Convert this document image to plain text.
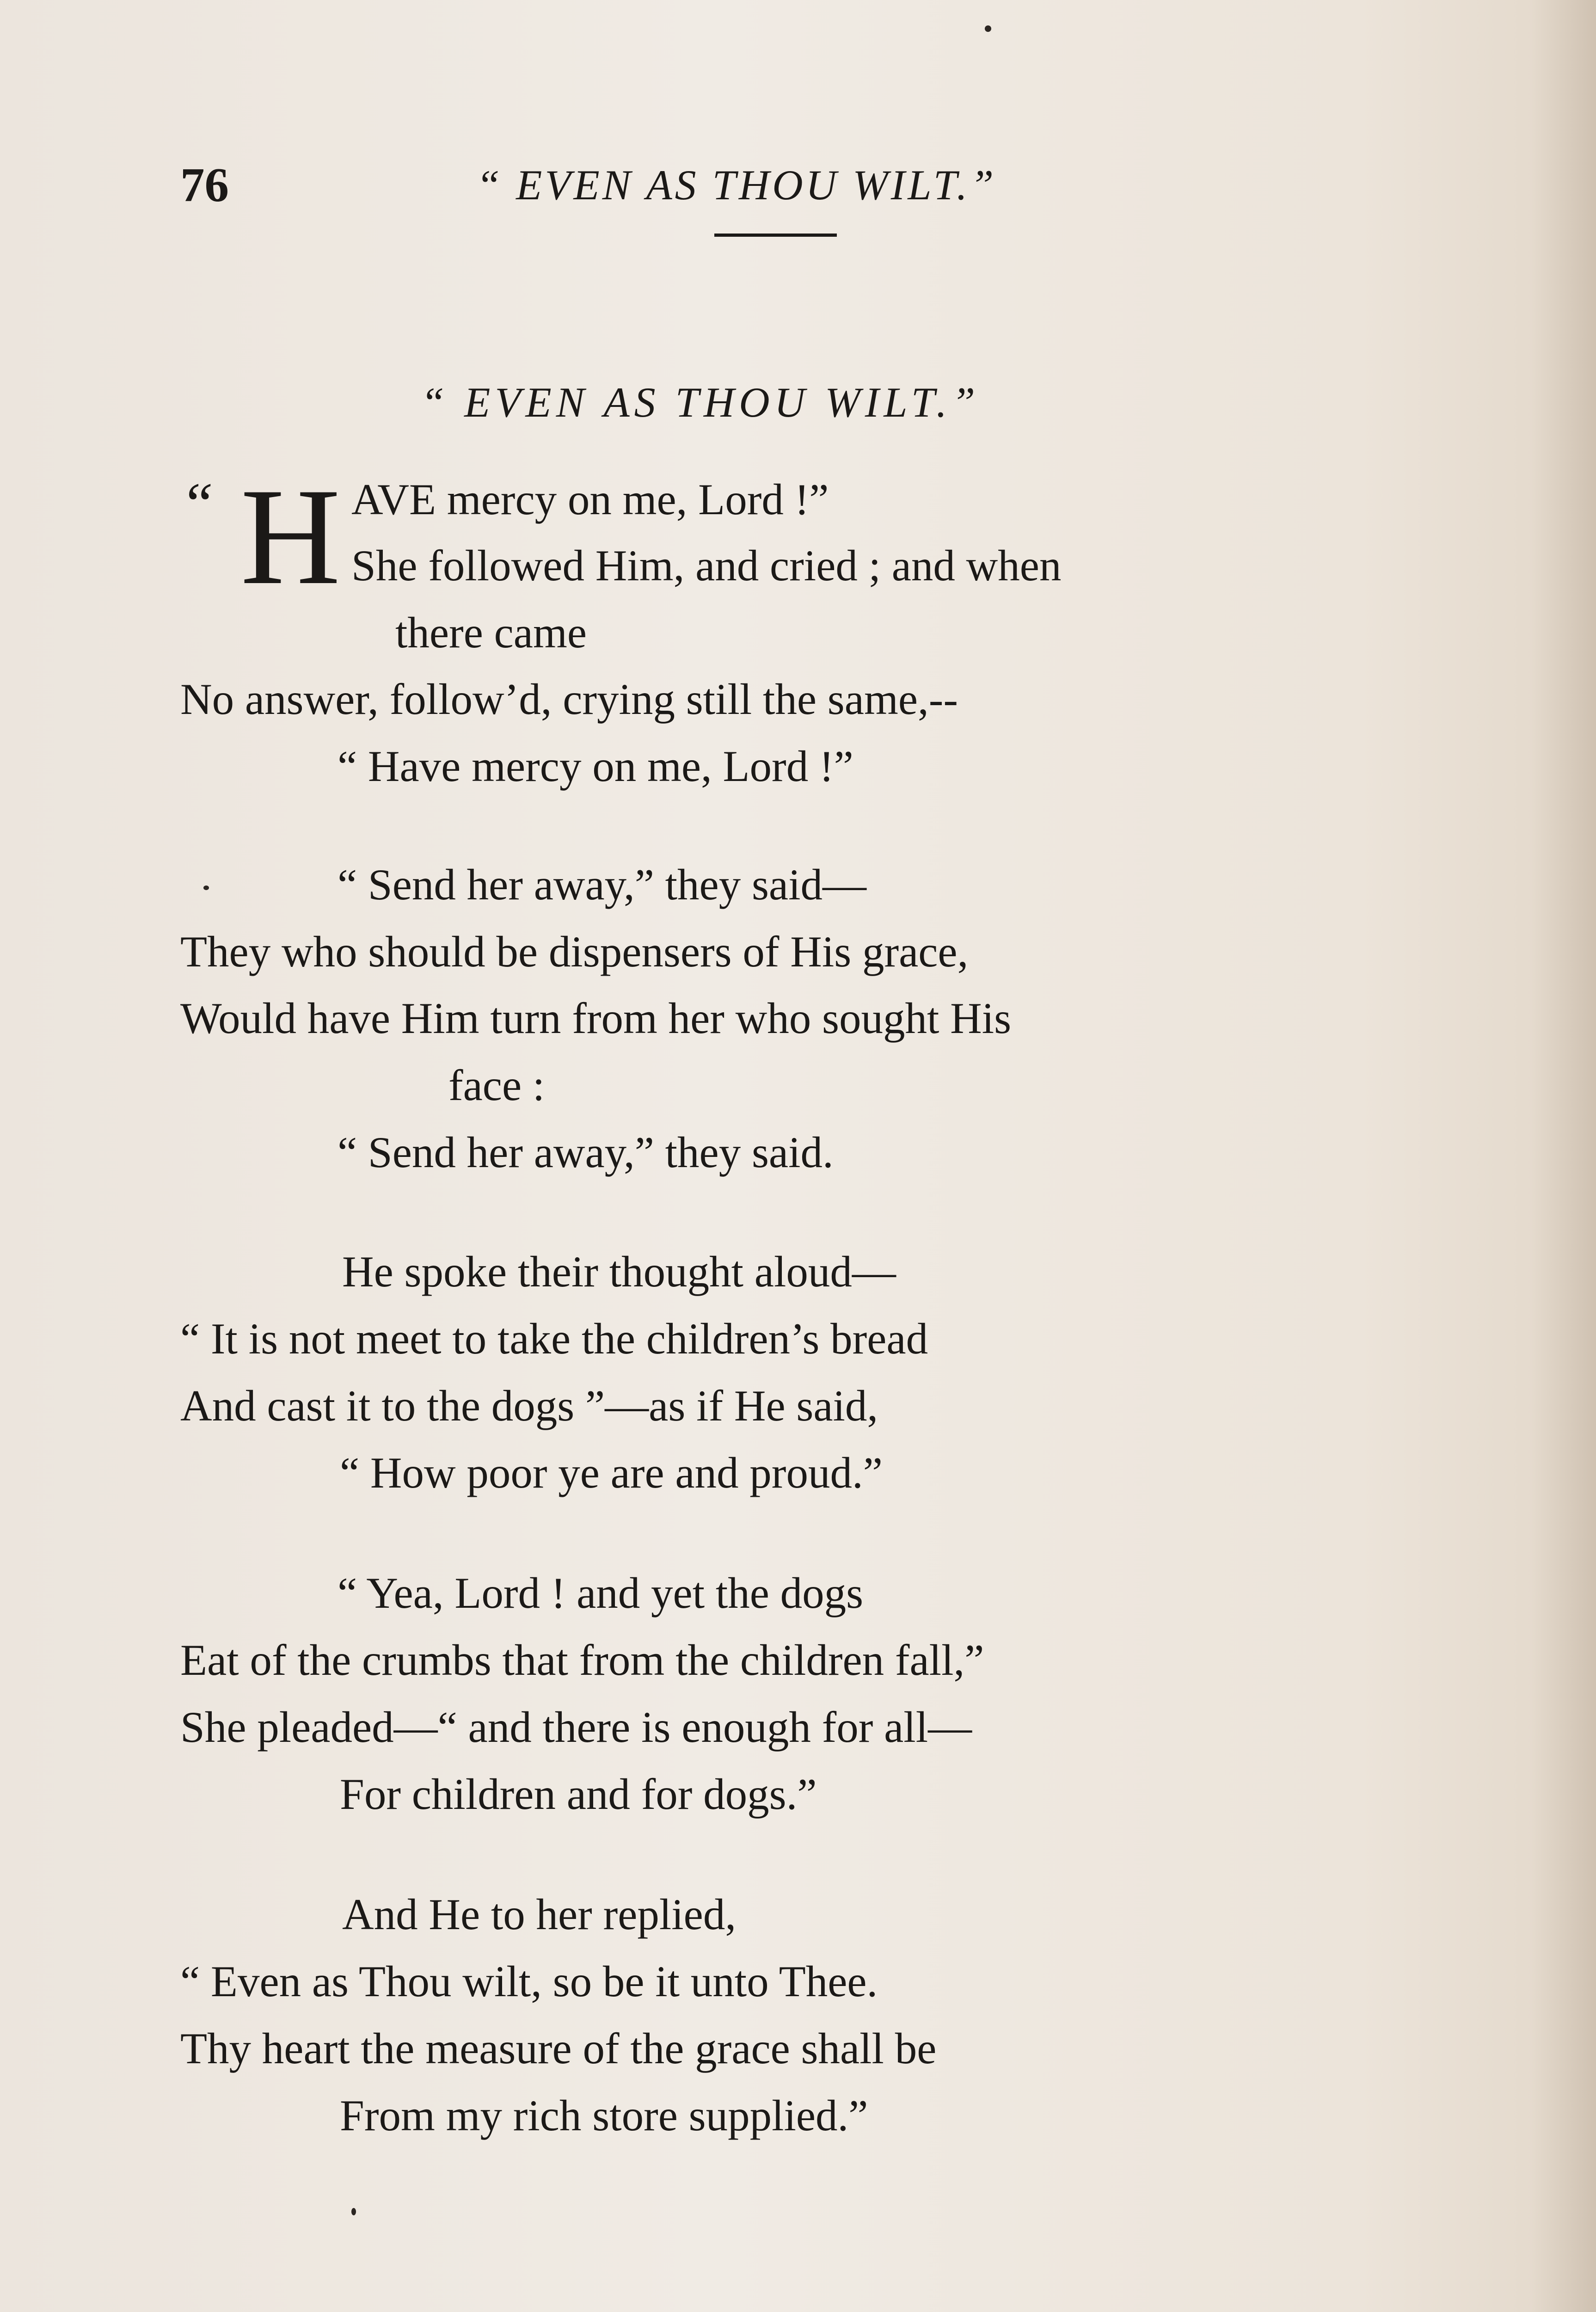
76	“ EVEN AS THOU WILT.”
“ EVEN AS THOU WILT.”
“ H AVE mercy on me, Lord !”
She followed Him, and cried ; and when
there came
No answer, follow’d, crying still the same,--
“ Have mercy on me, Lord !”
“ Send her away,” they said—
They who should be dispensers of His grace,
Would have Him turn from her who sought His
face :
“ Send her away,” they said.
He spoke their thought aloud—
“ It is not meet to take the children’s bread
And cast it to the dogs ”—as if He said,
“ How poor ye are and proud.”
“ Yea, Lord ! and yet the dogs
Eat of the crumbs that from the children fall,”
She pleaded—“ and there is enough for all—
For children and for dogs.”
And He to her replied,
“ Even as Thou wilt, so be it unto Thee.
Thy heart the measure of the grace shall be
From my rich store supplied.”
